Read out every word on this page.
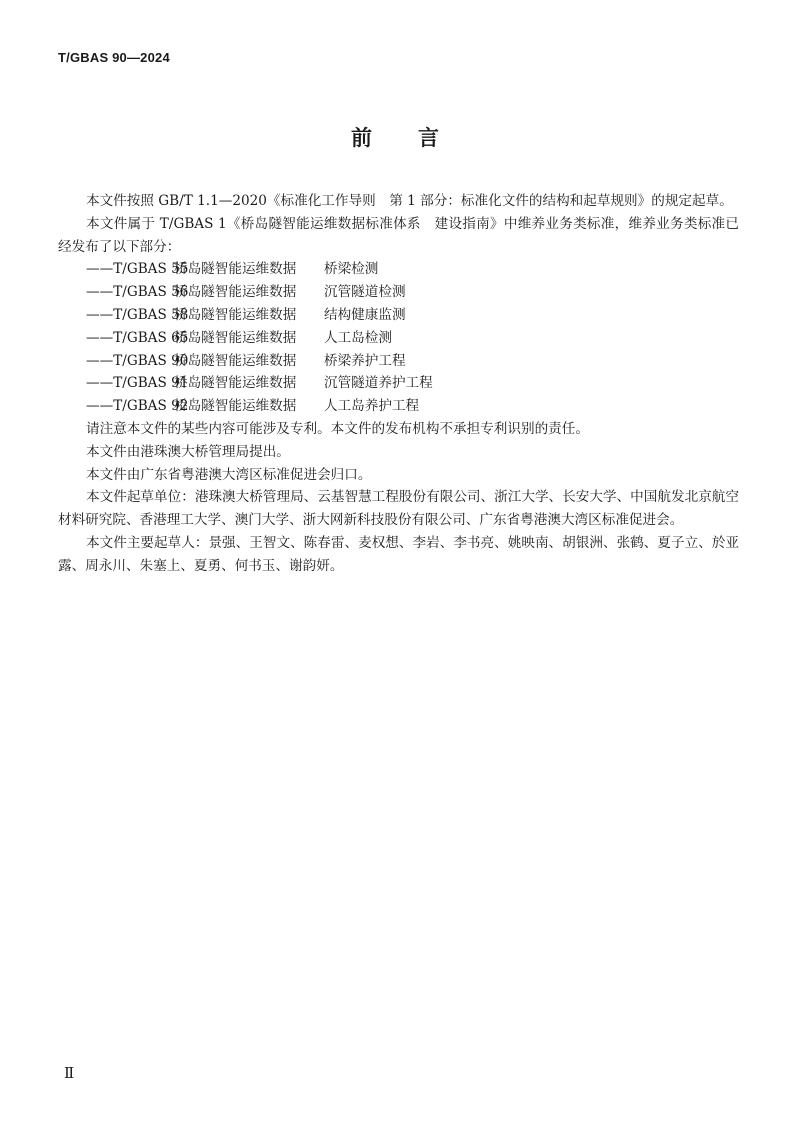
T/GBAS 90—2024
前 言

本文件按照 GB/T 1.1—2020《标准化工作导则　第 1 部分：标准化文件的结构和起草规则》的规定起草。

本文件属于 T/GBAS 1《桥岛隧智能运维数据标准体系　建设指南》中维养业务类标准，维养业务类标准已经发布了以下部分：

——T/GBAS 55桥岛隧智能运维数据 桥梁检测

——T/GBAS 56桥岛隧智能运维数据 沉管隧道检测

——T/GBAS 58桥岛隧智能运维数据 结构健康监测

——T/GBAS 65桥岛隧智能运维数据 人工岛检测

——T/GBAS 90桥岛隧智能运维数据 桥梁养护工程

——T/GBAS 91桥岛隧智能运维数据 沉管隧道养护工程

——T/GBAS 92桥岛隧智能运维数据 人工岛养护工程

请注意本文件的某些内容可能涉及专利。本文件的发布机构不承担专利识别的责任。

本文件由港珠澳大桥管理局提出。

本文件由广东省粤港澳大湾区标准促进会归口。

本文件起草单位：港珠澳大桥管理局、云基智慧工程股份有限公司、浙江大学、长安大学、中国航发北京航空材料研究院、香港理工大学、澳门大学、浙大网新科技股份有限公司、广东省粤港澳大湾区标准促进会。

本文件主要起草人：景强、王智文、陈春雷、麦权想、李岩、李书亮、姚映南、胡银洲、张鹤、夏子立、於亚露、周永川、朱塞上、夏勇、何书玉、谢韵妍。

Ⅱ
